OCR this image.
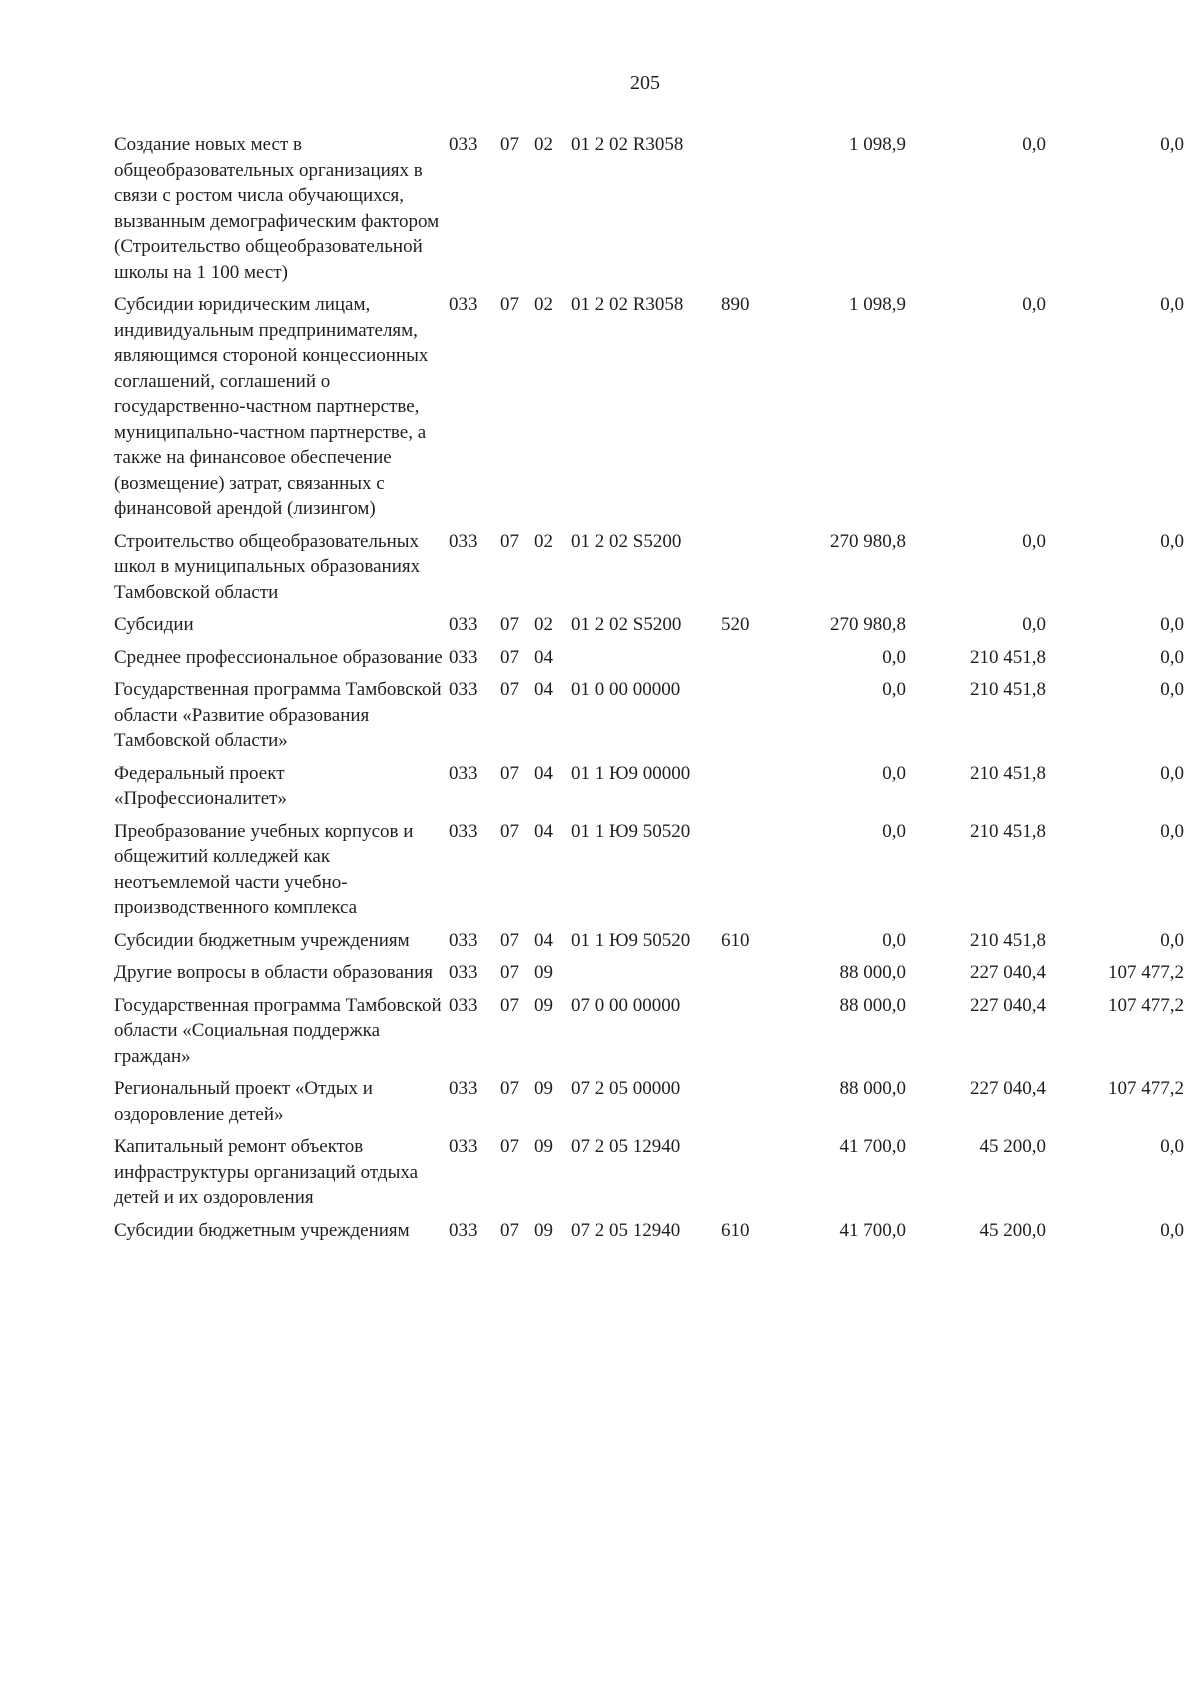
205
Создание новых мест в общеобразовательных организациях в связи с ростом числа обучающихся, вызванным демографическим фактором (Строительство общеобразовательной школы на 1 100 мест)	033	07	02	01 2 02 R3058		1 098,9	0,0	0,0
Субсидии юридическим лицам, индивидуальным предпринимателям, являющимся стороной концессионных соглашений, соглашений о государственно-частном партнерстве, муниципально-частном партнерстве, а также на финансовое обеспечение (возмещение) затрат, связанных с финансовой арендой (лизингом)	033	07	02	01 2 02 R3058	890	1 098,9	0,0	0,0
Строительство общеобразовательных школ в муниципальных образованиях Тамбовской области	033	07	02	01 2 02 S5200		270 980,8	0,0	0,0
Субсидии	033	07	02	01 2 02 S5200	520	270 980,8	0,0	0,0
Среднее профессиональное образование	033	07	04			0,0	210 451,8	0,0
Государственная программа Тамбовской области «Развитие образования Тамбовской области»	033	07	04	01 0 00 00000		0,0	210 451,8	0,0
Федеральный проект «Профессионалитет»	033	07	04	01 1 Ю9 00000		0,0	210 451,8	0,0
Преобразование учебных корпусов и общежитий колледжей как неотъемлемой части учебно-производственного комплекса	033	07	04	01 1 Ю9 50520		0,0	210 451,8	0,0
Субсидии бюджетным учреждениям	033	07	04	01 1 Ю9 50520	610	0,0	210 451,8	0,0
Другие вопросы в области образования	033	07	09			88 000,0	227 040,4	107 477,2
Государственная программа Тамбовской области «Социальная поддержка граждан»	033	07	09	07 0 00 00000		88 000,0	227 040,4	107 477,2
Региональный проект «Отдых и оздоровление детей»	033	07	09	07 2 05 00000		88 000,0	227 040,4	107 477,2
Капитальный ремонт объектов инфраструктуры организаций отдыха детей и их оздоровления	033	07	09	07 2 05 12940		41 700,0	45 200,0	0,0
Субсидии бюджетным учреждениям	033	07	09	07 2 05 12940	610	41 700,0	45 200,0	0,0
